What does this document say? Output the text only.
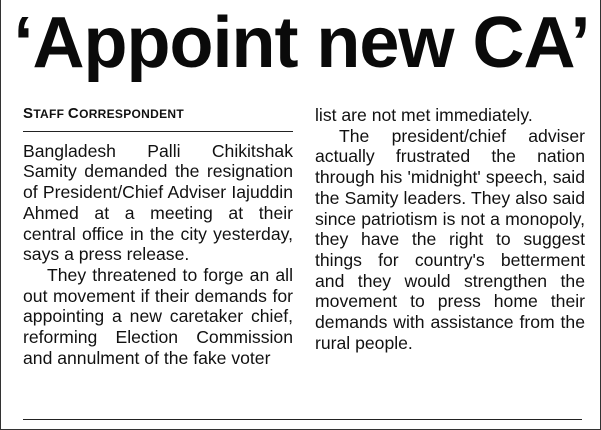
‘Appoint new CA’
STAFF CORRESPONDENT

Bangladesh Palli Chikitshak Samity demanded the resignation of President/Chief Adviser Iajuddin Ahmed at a meeting at their central office in the city yesterday, says a press release.

They threatened to forge an all out movement if their demands for appointing a new caretaker chief, reforming Election Commission and annulment of the fake voter

list are not met immediately.

The president/chief adviser actually frustrated the nation through his 'midnight' speech, said the Samity leaders. They also said since patriotism is not a monopoly, they have the right to suggest things for country's betterment and they would strengthen the movement to press home their demands with assistance from the rural people.
